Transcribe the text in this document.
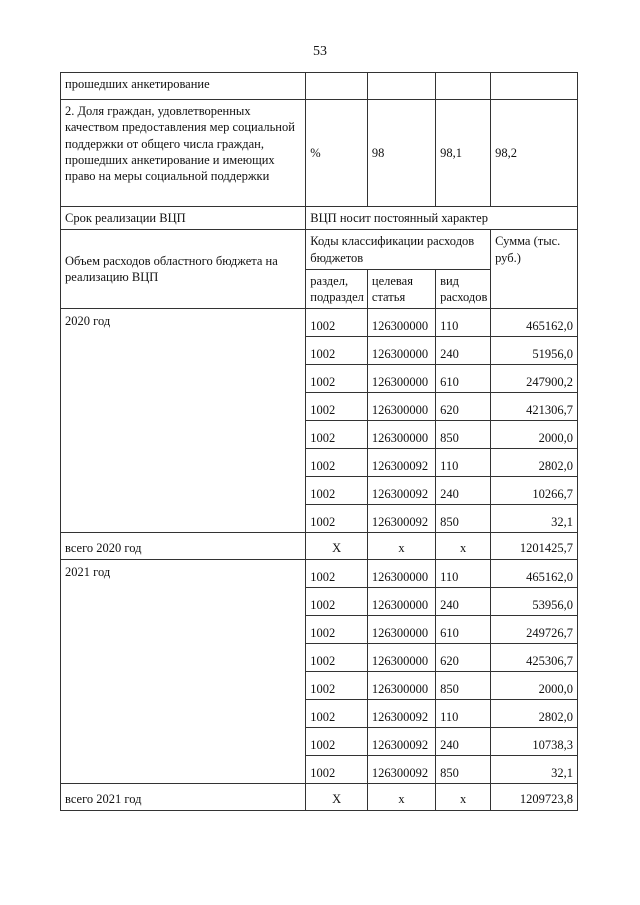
53
прошедших анкетирование				
2. Доля граждан, удовлетворенных качеством предоставления мер социальной поддержки от общего числа граждан, прошедших анкетирование и имеющих право на меры социальной поддержки	%	98	98,1	98,2
Срок реализации ВЦП	ВЦП носит постоянный характер			
Объем расходов областного бюджета на реализацию ВЦП	Коды классификации расходов бюджетов			Сумма (тыс. руб.)
	раздел, подраздел	целевая статья	вид расходов	
2020 год	1002	126300000	110	465162,0
	1002	126300000	240	51956,0
	1002	126300000	610	247900,2
	1002	126300000	620	421306,7
	1002	126300000	850	2000,0
	1002	126300092	110	2802,0
	1002	126300092	240	10266,7
	1002	126300092	850	32,1
всего 2020 год	X	x	x	1201425,7
2021 год	1002	126300000	110	465162,0
	1002	126300000	240	53956,0
	1002	126300000	610	249726,7
	1002	126300000	620	425306,7
	1002	126300000	850	2000,0
	1002	126300092	110	2802,0
	1002	126300092	240	10738,3
	1002	126300092	850	32,1
всего 2021 год	X	x	x	1209723,8
